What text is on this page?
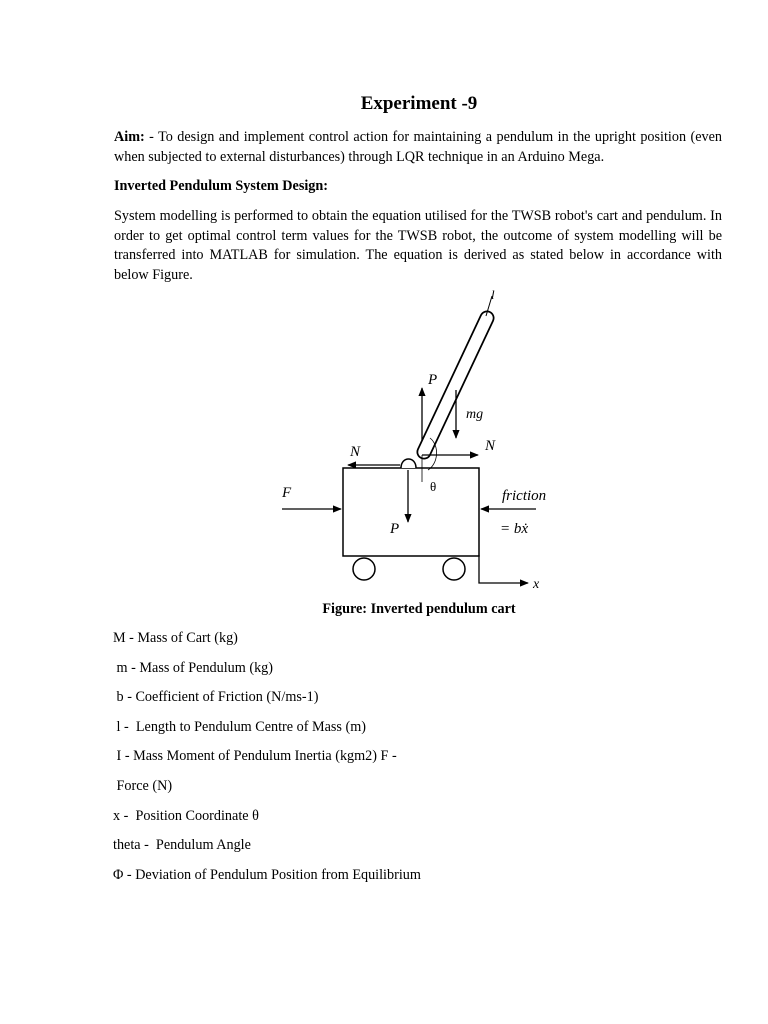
Experiment -9
Aim: - To design and implement control action for maintaining a pendulum in the upright position (even when subjected to external disturbances) through LQR technique in an Arduino Mega.
Inverted Pendulum System Design:
System modelling is performed to obtain the equation utilised for the TWSB robot's cart and pendulum. In order to get optimal control term values for the TWSB robot, the outcome of system modelling will be transferred into MATLAB for simulation. The equation is derived as stated below in accordance with below Figure.
l
P
mg
N
N
P
θ
F	friction
= bẋ
x
Figure: Inverted pendulum cart
M - Mass of Cart (kg)
m - Mass of Pendulum (kg)
b - Coefficient of Friction (N/ms-1)
l -  Length to Pendulum Centre of Mass (m)
I - Mass Moment of Pendulum Inertia (kgm2) F -
Force (N)
x -  Position Coordinate θ
theta -  Pendulum Angle
Φ - Deviation of Pendulum Position from Equilibrium
